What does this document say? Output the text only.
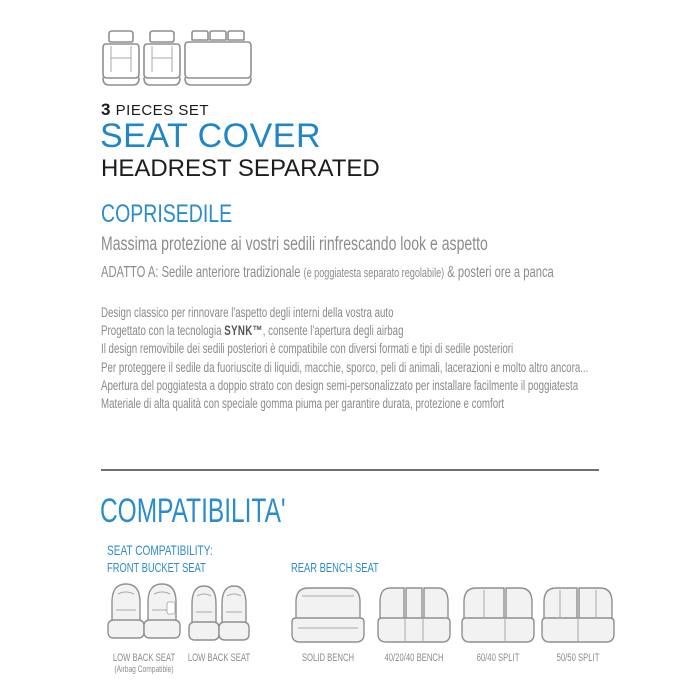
3 PIECES SET
SEAT COVER
HEADREST SEPARATED
COPRISEDILE
Massima protezione ai vostri sedili rinfrescando look e aspetto
ADATTO A: Sedile anteriore tradizionale (e poggiatesta separato regolabile) & posteri ore a panca
Design classico per rinnovare l'aspetto degli interni della vostra auto
Progettato con la tecnologia SYNK™, consente l'apertura degli airbag
Il design removibile dei sedili posteriori è compatibile con diversi formati e tipi di sedile posteriori
Per proteggere il sedile da fuoriuscite di liquidi, macchie, sporco, peli di animali, lacerazioni e molto altro ancora...
Apertura del poggiatesta a doppio strato con design semi-personalizzato per installare facilmente il poggiatesta
Materiale di alta qualità con speciale gomma piuma per garantire durata, protezione e comfort
COMPATIBILITA'
SEAT COMPATIBILITY:
FRONT BUCKET SEAT	REAR BENCH SEAT
LOW BACK SEAT
(Airbag Compatible)
LOW BACK SEAT	SOLID BENCH	40/20/40 BENCH	60/40 SPLIT	50/50 SPLIT
